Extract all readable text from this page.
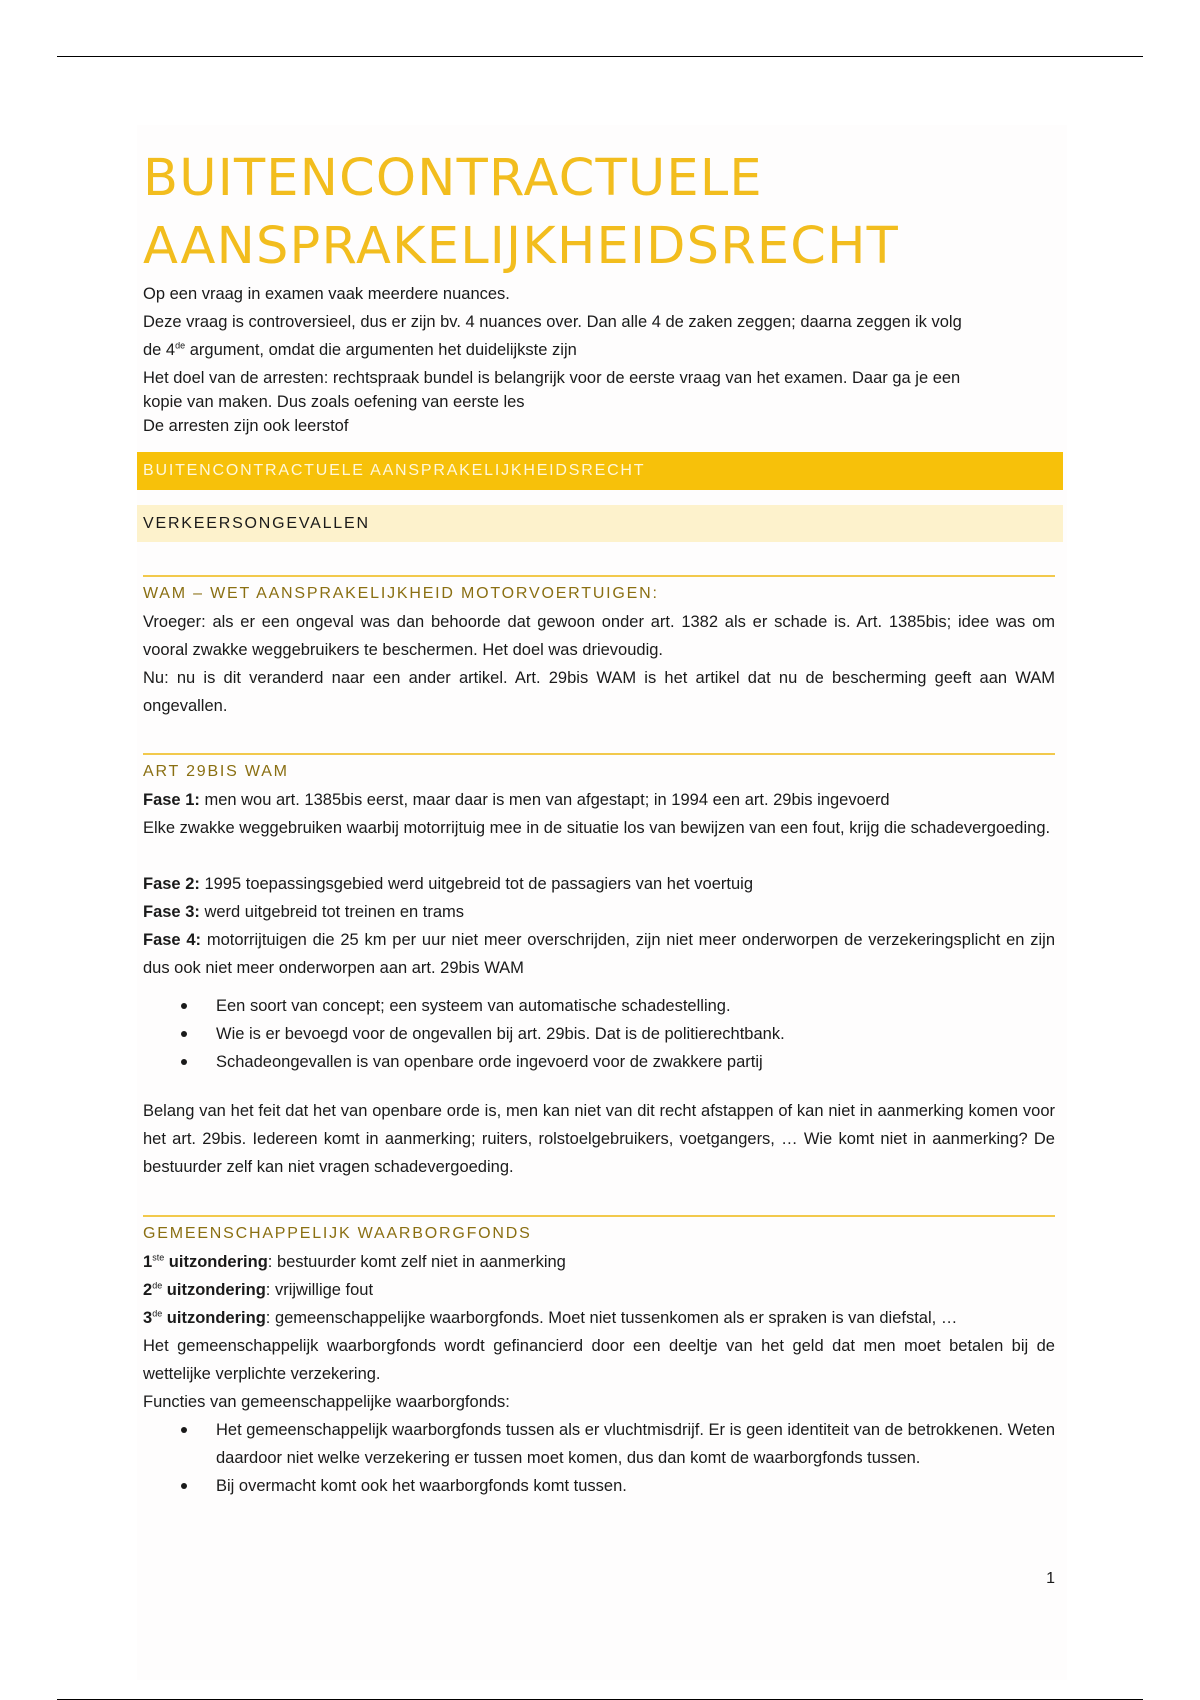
BUITENCONTRACTUELE
AANSPRAKELIJKHEIDSRECHT

Op een vraag in examen vaak meerdere nuances.

Deze vraag is controversieel, dus er zijn bv. 4 nuances over. Dan alle 4 de zaken zeggen; daarna zeggen ik volg

de 4de argument, omdat die argumenten het duidelijkste zijn

Het doel van de arresten: rechtspraak bundel is belangrijk voor de eerste vraag van het examen. Daar ga je een

kopie van maken. Dus zoals oefening van eerste les

De arresten zijn ook leerstof

BUITENCONTRACTUELE AANSPRAKELIJKHEIDSRECHT
VERKEERSONGEVALLEN
WAM – WET AANSPRAKELIJKHEID MOTORVOERTUIGEN:

Vroeger: als er een ongeval was dan behoorde dat gewoon onder art. 1382 als er schade is. Art. 1385bis; idee was om vooral zwakke weggebruikers te beschermen. Het doel was drievoudig.

Nu: nu is dit veranderd naar een ander artikel. Art. 29bis WAM is het artikel dat nu de bescherming geeft aan WAM ongevallen.

ART 29BIS WAM

Fase 1: men wou art. 1385bis eerst, maar daar is men van afgestapt; in 1994 een art. 29bis ingevoerd

Elke zwakke weggebruiken waarbij motorrijtuig mee in de situatie los van bewijzen van een fout, krijg die schadevergoeding.

Fase 2: 1995 toepassingsgebied werd uitgebreid tot de passagiers van het voertuig

Fase 3: werd uitgebreid tot treinen en trams

Fase 4: motorrijtuigen die 25 km per uur niet meer overschrijden, zijn niet meer onderworpen de verzekeringsplicht en zijn dus ook niet meer onderworpen aan art. 29bis WAM

Een soort van concept; een systeem van automatische schadestelling.
Wie is er bevoegd voor de ongevallen bij art. 29bis. Dat is de politierechtbank.
Schadeongevallen is van openbare orde ingevoerd voor de zwakkere partij

Belang van het feit dat het van openbare orde is, men kan niet van dit recht afstappen of kan niet in aanmerking komen voor het art. 29bis. Iedereen komt in aanmerking; ruiters, rolstoelgebruikers, voetgangers, … Wie komt niet in aanmerking? De bestuurder zelf kan niet vragen schadevergoeding.

GEMEENSCHAPPELIJK WAARBORGFONDS

1ste uitzondering: bestuurder komt zelf niet in aanmerking

2de uitzondering: vrijwillige fout

3de uitzondering: gemeenschappelijke waarborgfonds. Moet niet tussenkomen als er spraken is van diefstal, …

Het gemeenschappelijk waarborgfonds wordt gefinancierd door een deeltje van het geld dat men moet betalen bij de wettelijke verplichte verzekering.

Functies van gemeenschappelijke waarborgfonds:

Het gemeenschappelijk waarborgfonds tussen als er vluchtmisdrijf. Er is geen identiteit van de betrokkenen. Weten daardoor niet welke verzekering er tussen moet komen, dus dan komt de waarborgfonds tussen.
Bij overmacht komt ook het waarborgfonds komt tussen.
1
